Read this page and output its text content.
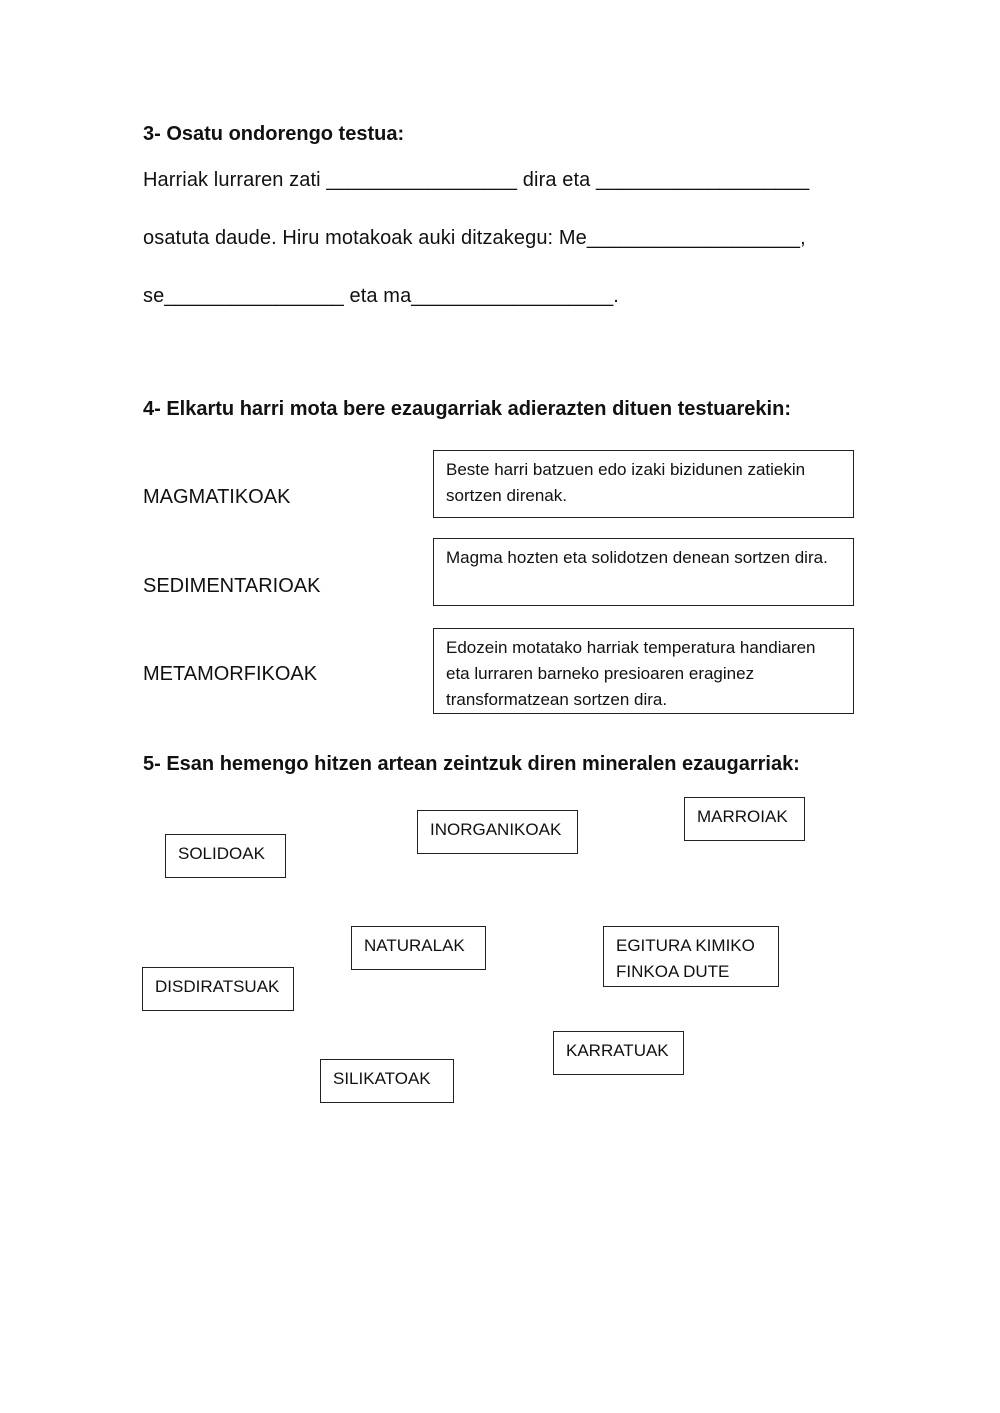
3- Osatu ondorengo testua:
Harriak lurraren zati _________________ dira eta ___________________
osatuta daude. Hiru motakoak auki ditzakegu: Me___________________,
se________________ eta ma__________________.
4- Elkartu harri mota bere ezaugarriak adierazten dituen testuarekin:
MAGMATIKOAK
SEDIMENTARIOAK
METAMORFIKOAK
Beste harri batzuen edo izaki bizidunen zatiekin sortzen direnak.
Magma hozten eta solidotzen denean sortzen dira.
Edozein motatako harriak temperatura handiaren eta lurraren barneko presioaren eraginez transformatzean sortzen dira.
5- Esan hemengo hitzen artean zeintzuk diren mineralen ezaugarriak:
SOLIDOAK
INORGANIKOAK
MARROIAK
NATURALAK	EGITURA KIMIKO FINKOA DUTE
DISDIRATSUAK
KARRATUAK
SILIKATOAK
